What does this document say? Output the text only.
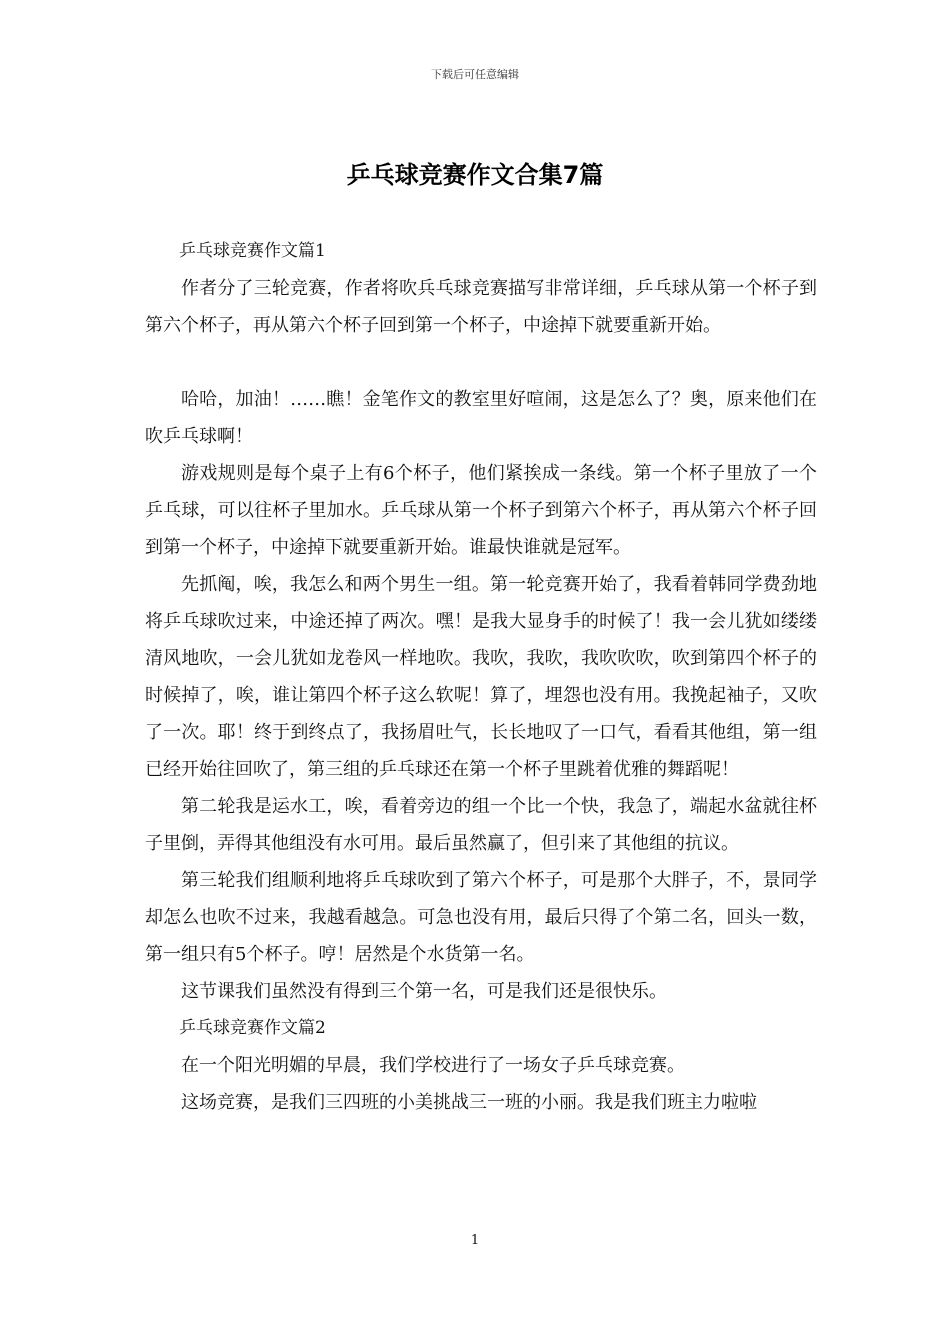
下载后可任意编辑
乒乓球竞赛作文合集7篇

乒乓球竞赛作文篇1

作者分了三轮竞赛，作者将吹兵乓球竞赛描写非常详细，乒乓球从第一个杯子到第六个杯子，再从第六个杯子回到第一个杯子，中途掉下就要重新开始。

哈哈，加油！……瞧！金笔作文的教室里好喧闹，这是怎么了？奥，原来他们在吹乒乓球啊！

游戏规则是每个桌子上有6个杯子，他们紧挨成一条线。第一个杯子里放了一个乒乓球，可以往杯子里加水。乒乓球从第一个杯子到第六个杯子，再从第六个杯子回到第一个杯子，中途掉下就要重新开始。谁最快谁就是冠军。

先抓阄，唉，我怎么和两个男生一组。第一轮竞赛开始了，我看着韩同学费劲地将乒乓球吹过来，中途还掉了两次。嘿！是我大显身手的时候了！我一会儿犹如缕缕清风地吹，一会儿犹如龙卷风一样地吹。我吹，我吹，我吹吹吹，吹到第四个杯子的时候掉了，唉，谁让第四个杯子这么软呢！算了，埋怨也没有用。我挽起袖子，又吹了一次。耶！终于到终点了，我扬眉吐气，长长地叹了一口气，看看其他组，第一组已经开始往回吹了，第三组的乒乓球还在第一个杯子里跳着优雅的舞蹈呢！

第二轮我是运水工，唉，看着旁边的组一个比一个快，我急了，端起水盆就往杯子里倒，弄得其他组没有水可用。最后虽然赢了，但引来了其他组的抗议。

第三轮我们组顺利地将乒乓球吹到了第六个杯子，可是那个大胖子，不，景同学却怎么也吹不过来，我越看越急。可急也没有用，最后只得了个第二名，回头一数，第一组只有5个杯子。哼！居然是个水货第一名。

这节课我们虽然没有得到三个第一名，可是我们还是很快乐。

乒乓球竞赛作文篇2

在一个阳光明媚的早晨，我们学校进行了一场女子乒乓球竞赛。

这场竞赛，是我们三四班的小美挑战三一班的小丽。我是我们班主力啦啦

1
